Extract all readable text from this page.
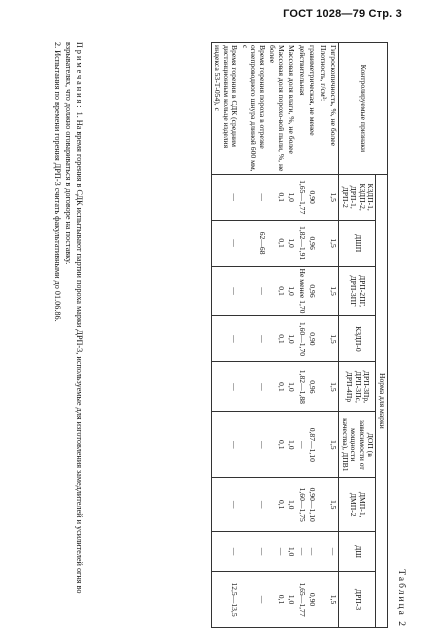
ГОСТ 1028—79 Стр. 3
Таблица 2
Контролируемые признаки	Норма для марки								
	КЗДП-1, КЗДП-2, ДРП-1, ДРП-2	ДШП	ДРП-2ПГ, ДРП-3ПГ	КЗДП-0	ДРП-3Пр, ДРП-3Пс, ДРП-4Пр	ДОП (в зависимости от мощности качества), ДПВ1	ДМП-1, ДМП-2	ДШ	ДРП-3
Гигроскопичность, %, не более	1,5	1,5	1,5	1,5	1,5	1,5	1,5	—	1,5
Плотность, г/см³:									
гравиметрическая, не менее	0,90	0,96	0,96	0,90	0,96	0,87—1,10	0,90—1,10	—	0,90
действительная	1,65—1,77	1,82—1,91	Не менее 1,70	1,60—1,70	1,82—1,88	—	1,60—1,75	—	1,65—1,77
Массовая доля влаги, %, не более	1,0	1,0	1,0	1,0	1,0	1,0	1,0	1,0	1,0
Массовая доля порохо-вой пыли, %, не более	0,1	0,1	0,1	0,1	0,1	0,1	0,1	—	0,1
Время горения пороха в отрезке огнепроводного шнура длиной 600 мм, с	—	62—68	—	—	—	—	—	—	—
Время горения в СДК (средним дистанционным кольце изделия индекса 53-Т-054), с	—	—	—	—	—	—	—	—	12,5—13,5

Примечания: 1. На время горения в СДК испытывают партии пороха марки ДРП-3, используемые для изготовления замедлителей и усилителей огня во взрывателях, что должно оговариваться в договоре на поставку.

2. Испытания по времени горения ДРП-3 считать факультативными до 01.06.86.
